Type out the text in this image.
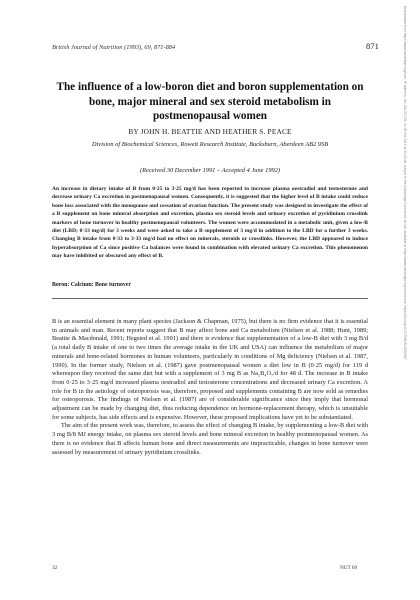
British Journal of Nutrition (1993), 69, 871-884	871	Downloaded from https://www.cambridge.org/core. IP address: 161.181.23.105, on 06 Oct 2019 at 02:43:48, subject to the Cambridge Core terms of use, available at https://www.cambridge.org/core/terms. https://doi.org/10.1079/BJN19930087
The influence of a low-boron diet and boron supplementation on bone, major mineral and sex steroid metabolism in postmenopausal women
BY JOHN H. BEATTIE AND HEATHER S. PEACE
Division of Biochemical Sciences, Rowett Research Institute, Bucksburn, Aberdeen AB2 9SB
(Received 30 December 1991 – Accepted 4 June 1992)

An increase in dietary intake of B from 0·25 to 3·25 mg/d has been reported to increase plasma oestradiol and testosterone and decrease urinary Ca excretion in postmenopausal women. Consequently, it is suggested that the higher level of B intake could reduce bone loss associated with the menopause and cessation of ovarian function. The present study was designed to investigate the effect of a B supplement on bone mineral absorption and excretion, plasma sex steroid levels and urinary excretion of pyridinium crosslink markers of bone turnover in healthy postmenopausal volunteers. The women were accommodated in a metabolic unit, given a low-B diet (LBD; 0·33 mg/d) for 3 weeks and were asked to take a B supplement of 3 mg/d in addition to the LBD for a further 3 weeks. Changing B intake from 0·33 to 3·33 mg/d had no effect on minerals, steroids or crosslinks. However, the LBD appeared to induce hyperabsorption of Ca since positive Ca balances were found in combination with elevated urinary Ca excretion. This phenomenon may have inhibited or obscured any effect of B.

Boron: Calcium: Bone turnover

B is an essential element in many plant species (Jackson & Chapman, 1975), but there is no firm evidence that it is essential in animals and man. Recent reports suggest that B may affect bone and Ca metabolism (Nielsen et al. 1988; Hunt, 1989; Beattie & Macdonald, 1991; Hegsted et al. 1991) and there is evidence that supplementation of a low-B diet with 3 mg B/d (a total daily B intake of one to two times the average intake in the UK and USA) can influence the metabolism of major minerals and bone-related hormones in human volunteers, particularly in conditions of Mg deficiency (Nielsen et al. 1987, 1990). In the former study, Nielsen et al. (1987) gave postmenopausal women a diet low in B (0·25 mg/d) for 119 d whereupon they received the same diet but with a supplement of 3 mg B as Na₂B₄O₇/d for 48 d. The increase in B intake from 0·25 to 3·25 mg/d increased plasma oestradiol and testosterone concentrations and decreased urinary Ca excretion. A role for B in the aetiology of osteoporosis was, therefore, proposed and supplements containing B are now sold as remedies for osteoporosis. The findings of Nielsen et al. (1987) are of considerable significance since they imply that hormonal adjustment can be made by changing diet, thus reducing dependence on hormone-replacement therapy, which is unsuitable for some subjects, has side effects and is expensive. However, these proposed implications have yet to be substantiated.

The aim of the present work was, therefore, to assess the effect of changing B intake, by supplementing a low-B diet with 3 mg B/8 MJ energy intake, on plasma sex steroid levels and bone mineral excretion in healthy postmenopausal women. As there is no evidence that B affects human bone and direct measurements are impracticable, changes in bone turnover were assessed by measurement of urinary pyridinium crosslinks.

32	NUT 69
